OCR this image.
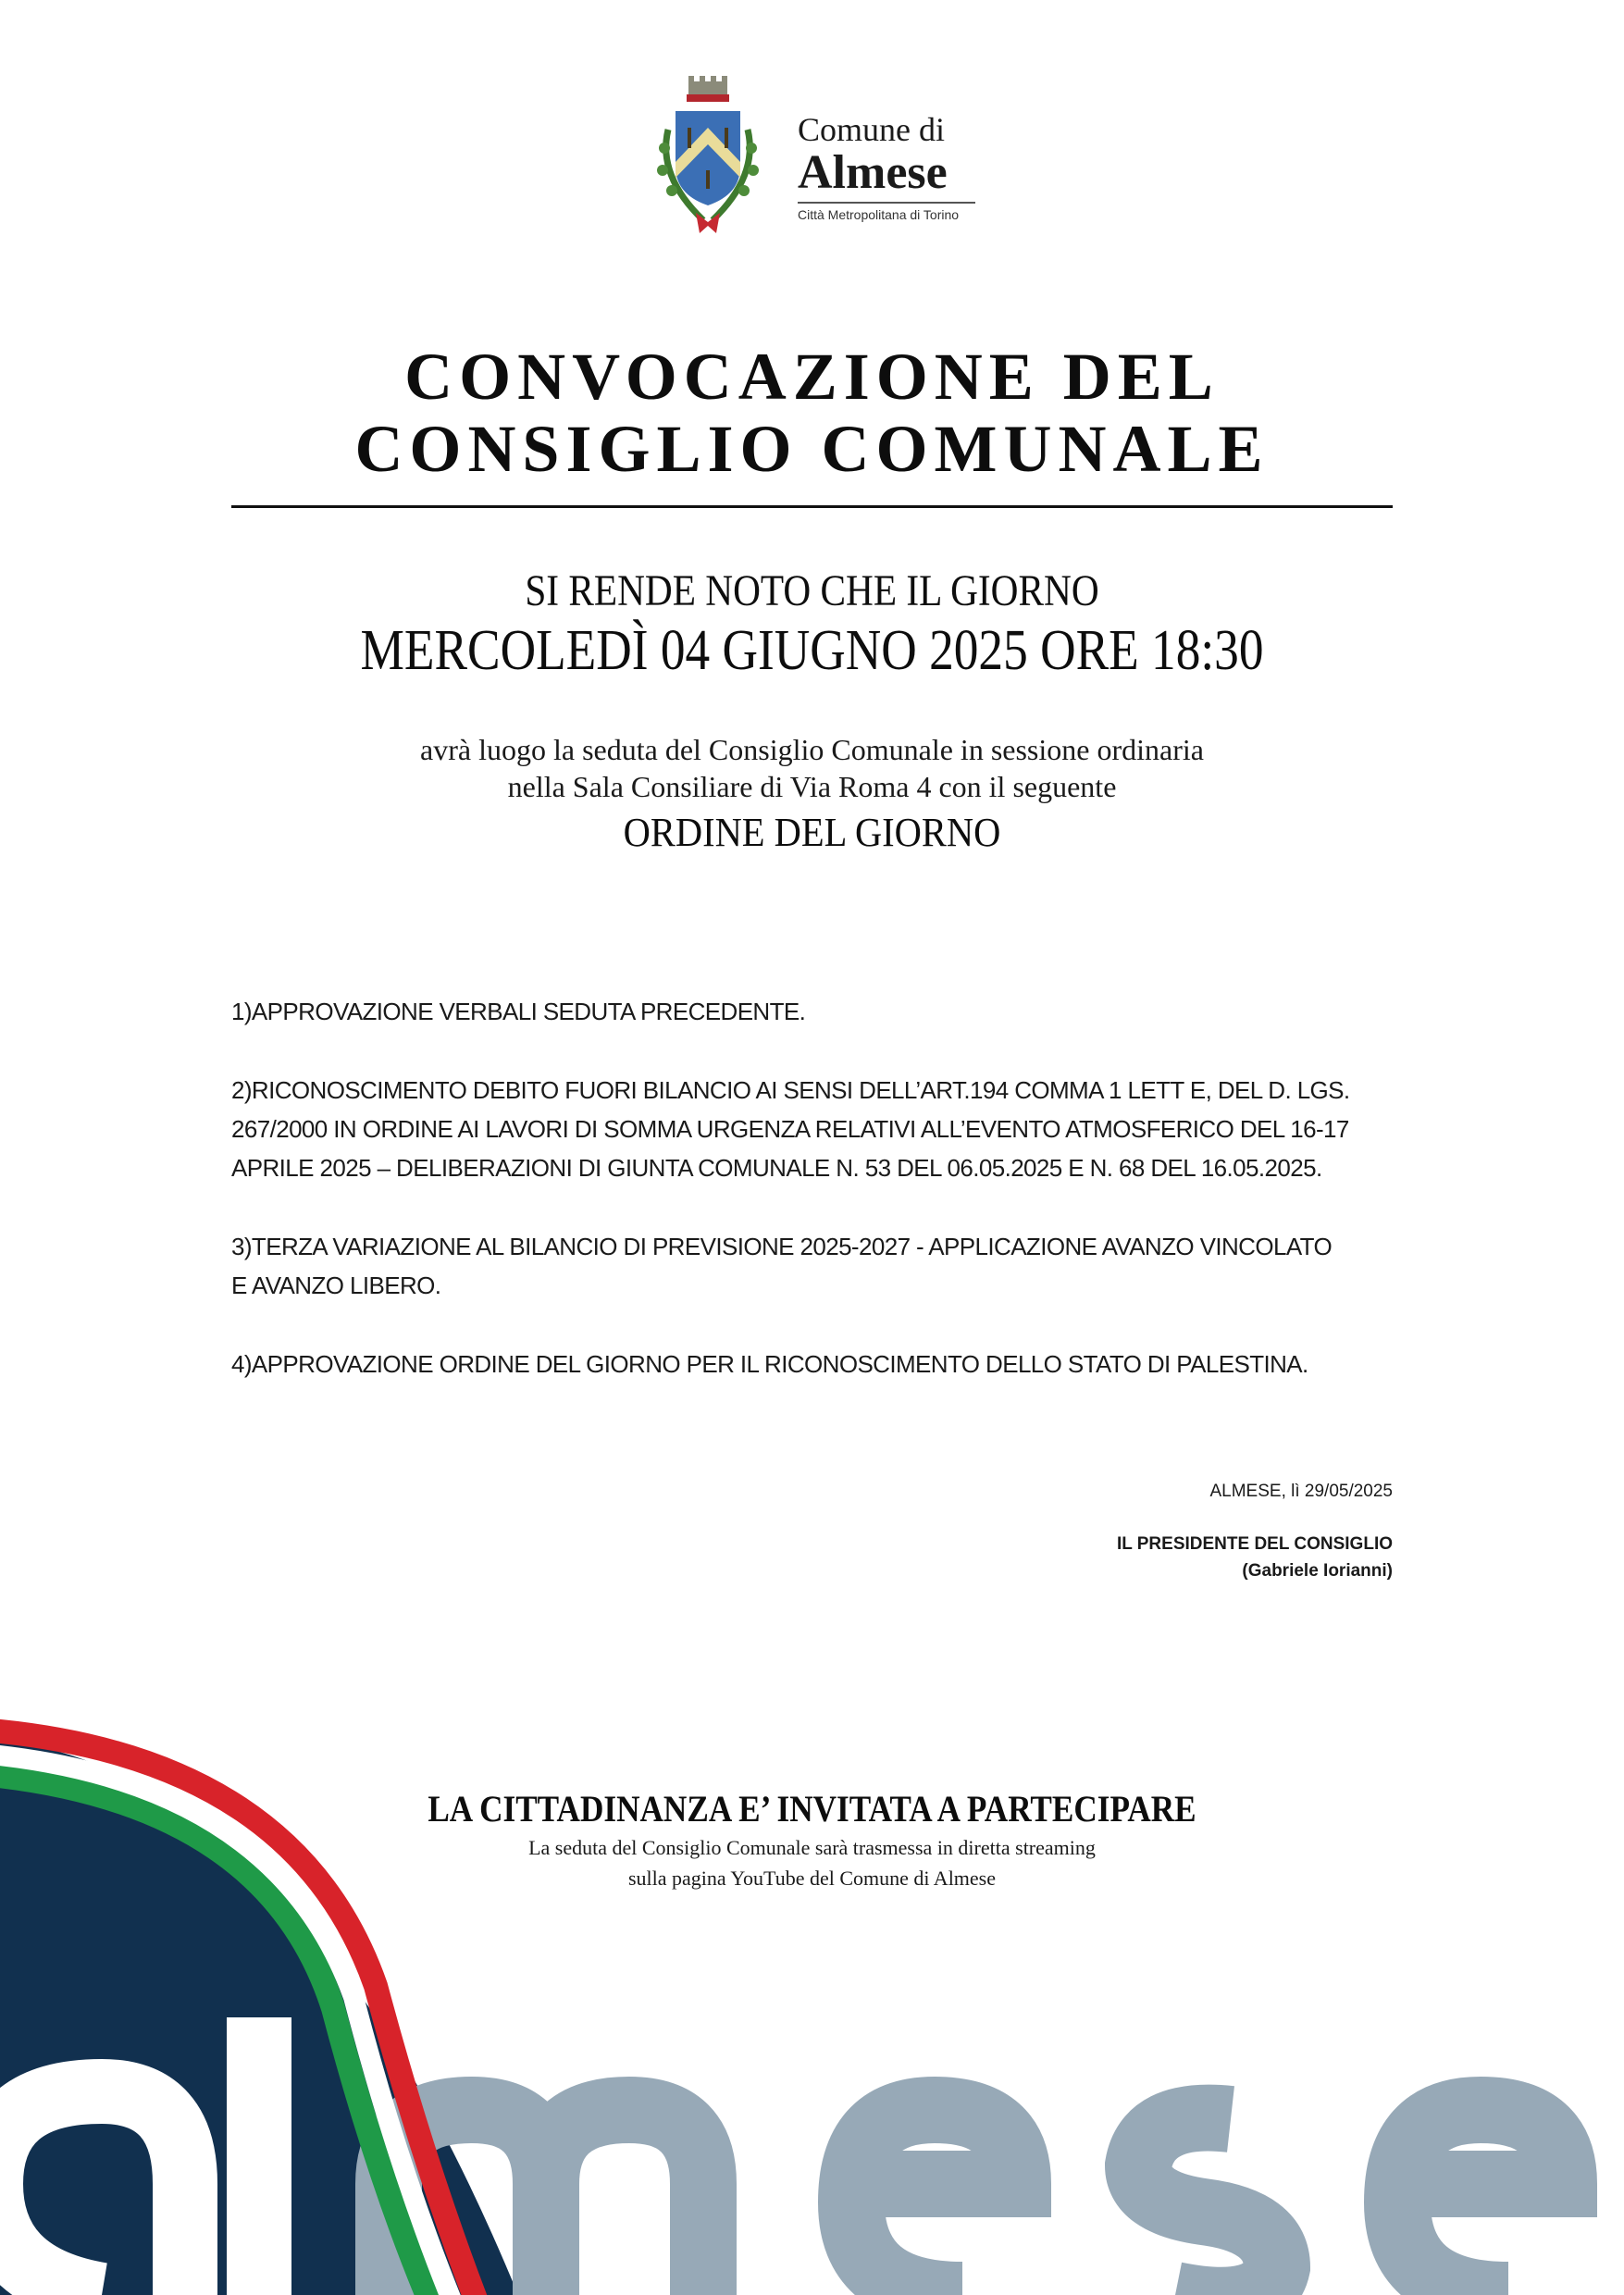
Comune di
Almese
Città Metropolitana di Torino
CONVOCAZIONE DEL
CONSIGLIO COMUNALE
SI RENDE NOTO CHE IL GIORNO
MERCOLEDÌ 04 GIUGNO 2025 ORE 18:30
avrà luogo la seduta del Consiglio Comunale in sessione ordinaria
nella Sala Consiliare di Via Roma 4 con il seguente
ORDINE DEL GIORNO
1)APPROVAZIONE VERBALI SEDUTA PRECEDENTE.
2)RICONOSCIMENTO DEBITO FUORI BILANCIO AI SENSI DELL’ART.194 COMMA 1 LETT E, DEL D. LGS.
267/2000 IN ORDINE AI LAVORI DI SOMMA URGENZA RELATIVI ALL’EVENTO ATMOSFERICO DEL 16-17
APRILE 2025 – DELIBERAZIONI DI GIUNTA COMUNALE N. 53 DEL 06.05.2025 E N. 68 DEL 16.05.2025.
3)TERZA VARIAZIONE AL BILANCIO DI PREVISIONE 2025-2027 - APPLICAZIONE AVANZO VINCOLATO
E AVANZO LIBERO.
4)APPROVAZIONE ORDINE DEL GIORNO PER IL RICONOSCIMENTO DELLO STATO DI PALESTINA.
ALMESE, lì 29/05/2025
IL PRESIDENTE DEL CONSIGLIO
(Gabriele Iorianni)
LA CITTADINANZA E’ INVITATA A PARTECIPARE
La seduta del Consiglio Comunale sarà trasmessa in diretta streaming
sulla pagina YouTube del Comune di Almese
